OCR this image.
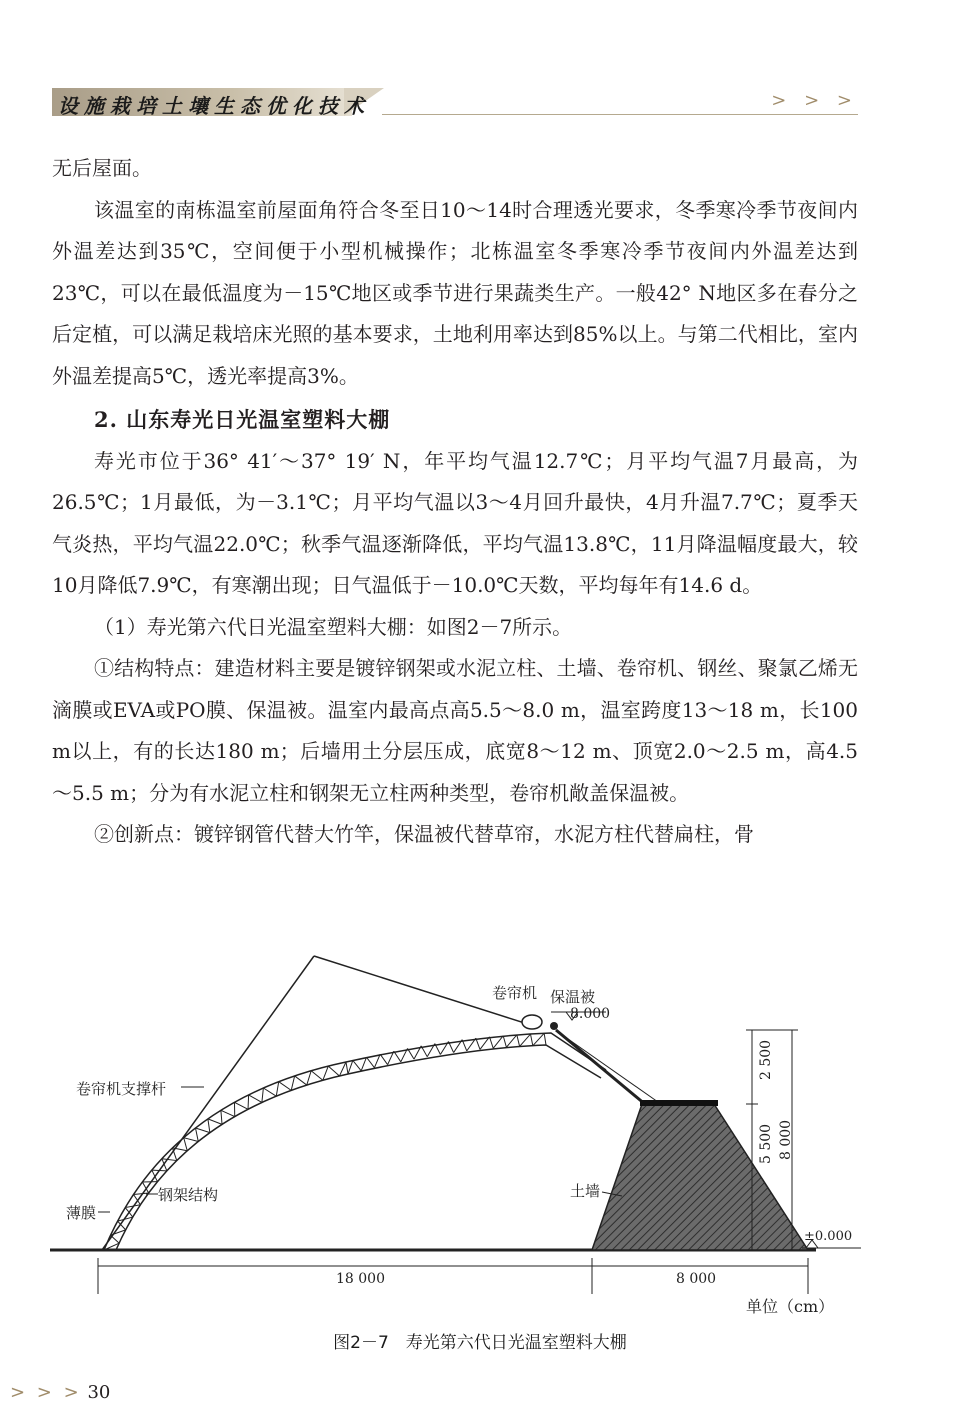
设施栽培土壤生态优化技术	> > >

无后屋面。

该温室的南栋温室前屋面角符合冬至日10～14时合理透光要求，冬季寒冷季节夜间内外温差达到35℃，空间便于小型机械操作；北栋温室冬季寒冷季节夜间内外温差达到23℃，可以在最低温度为－15℃地区或季节进行果蔬类生产。一般42° N地区多在春分之后定植，可以满足栽培床光照的基本要求，土地利用率达到85%以上。与第二代相比，室内外温差提高5℃，透光率提高3%。

2. 山东寿光日光温室塑料大棚

寿光市位于36° 41′～37° 19′ N，年平均气温12.7℃；月平均气温7月最高，为26.5℃；1月最低，为－3.1℃；月平均气温以3～4月回升最快，4月升温7.7℃；夏季天气炎热，平均气温22.0℃；秋季气温逐渐降低，平均气温13.8℃，11月降温幅度最大，较10月降低7.9℃，有寒潮出现；日气温低于－10.0℃天数，平均每年有14.6 d。

（1）寿光第六代日光温室塑料大棚：如图2－7所示。

①结构特点：建造材料主要是镀锌钢架或水泥立柱、土墙、卷帘机、钢丝、聚氯乙烯无滴膜或EVA或PO膜、保温被。温室内最高点高5.5～8.0 m，温室跨度13～18 m，长100 m以上，有的长达180 m；后墙用土分层压成，底宽8～12 m、顶宽2.0～2.5 m，高4.5～5.5 m；分为有水泥立柱和钢架无立柱两种类型，卷帘机敞盖保温被。

②创新点：镀锌钢管代替大竹竿，保温被代替草帘，水泥方柱代替扁柱，骨

卷帘机 保温被
8.000
卷帘机支撑杆
薄膜
钢架结构	土墙
±0.000
18 000	8 000
单位（cm）
2 500
5 500 8 000
图2－7　寿光第六代日光温室塑料大棚
> > > 30
